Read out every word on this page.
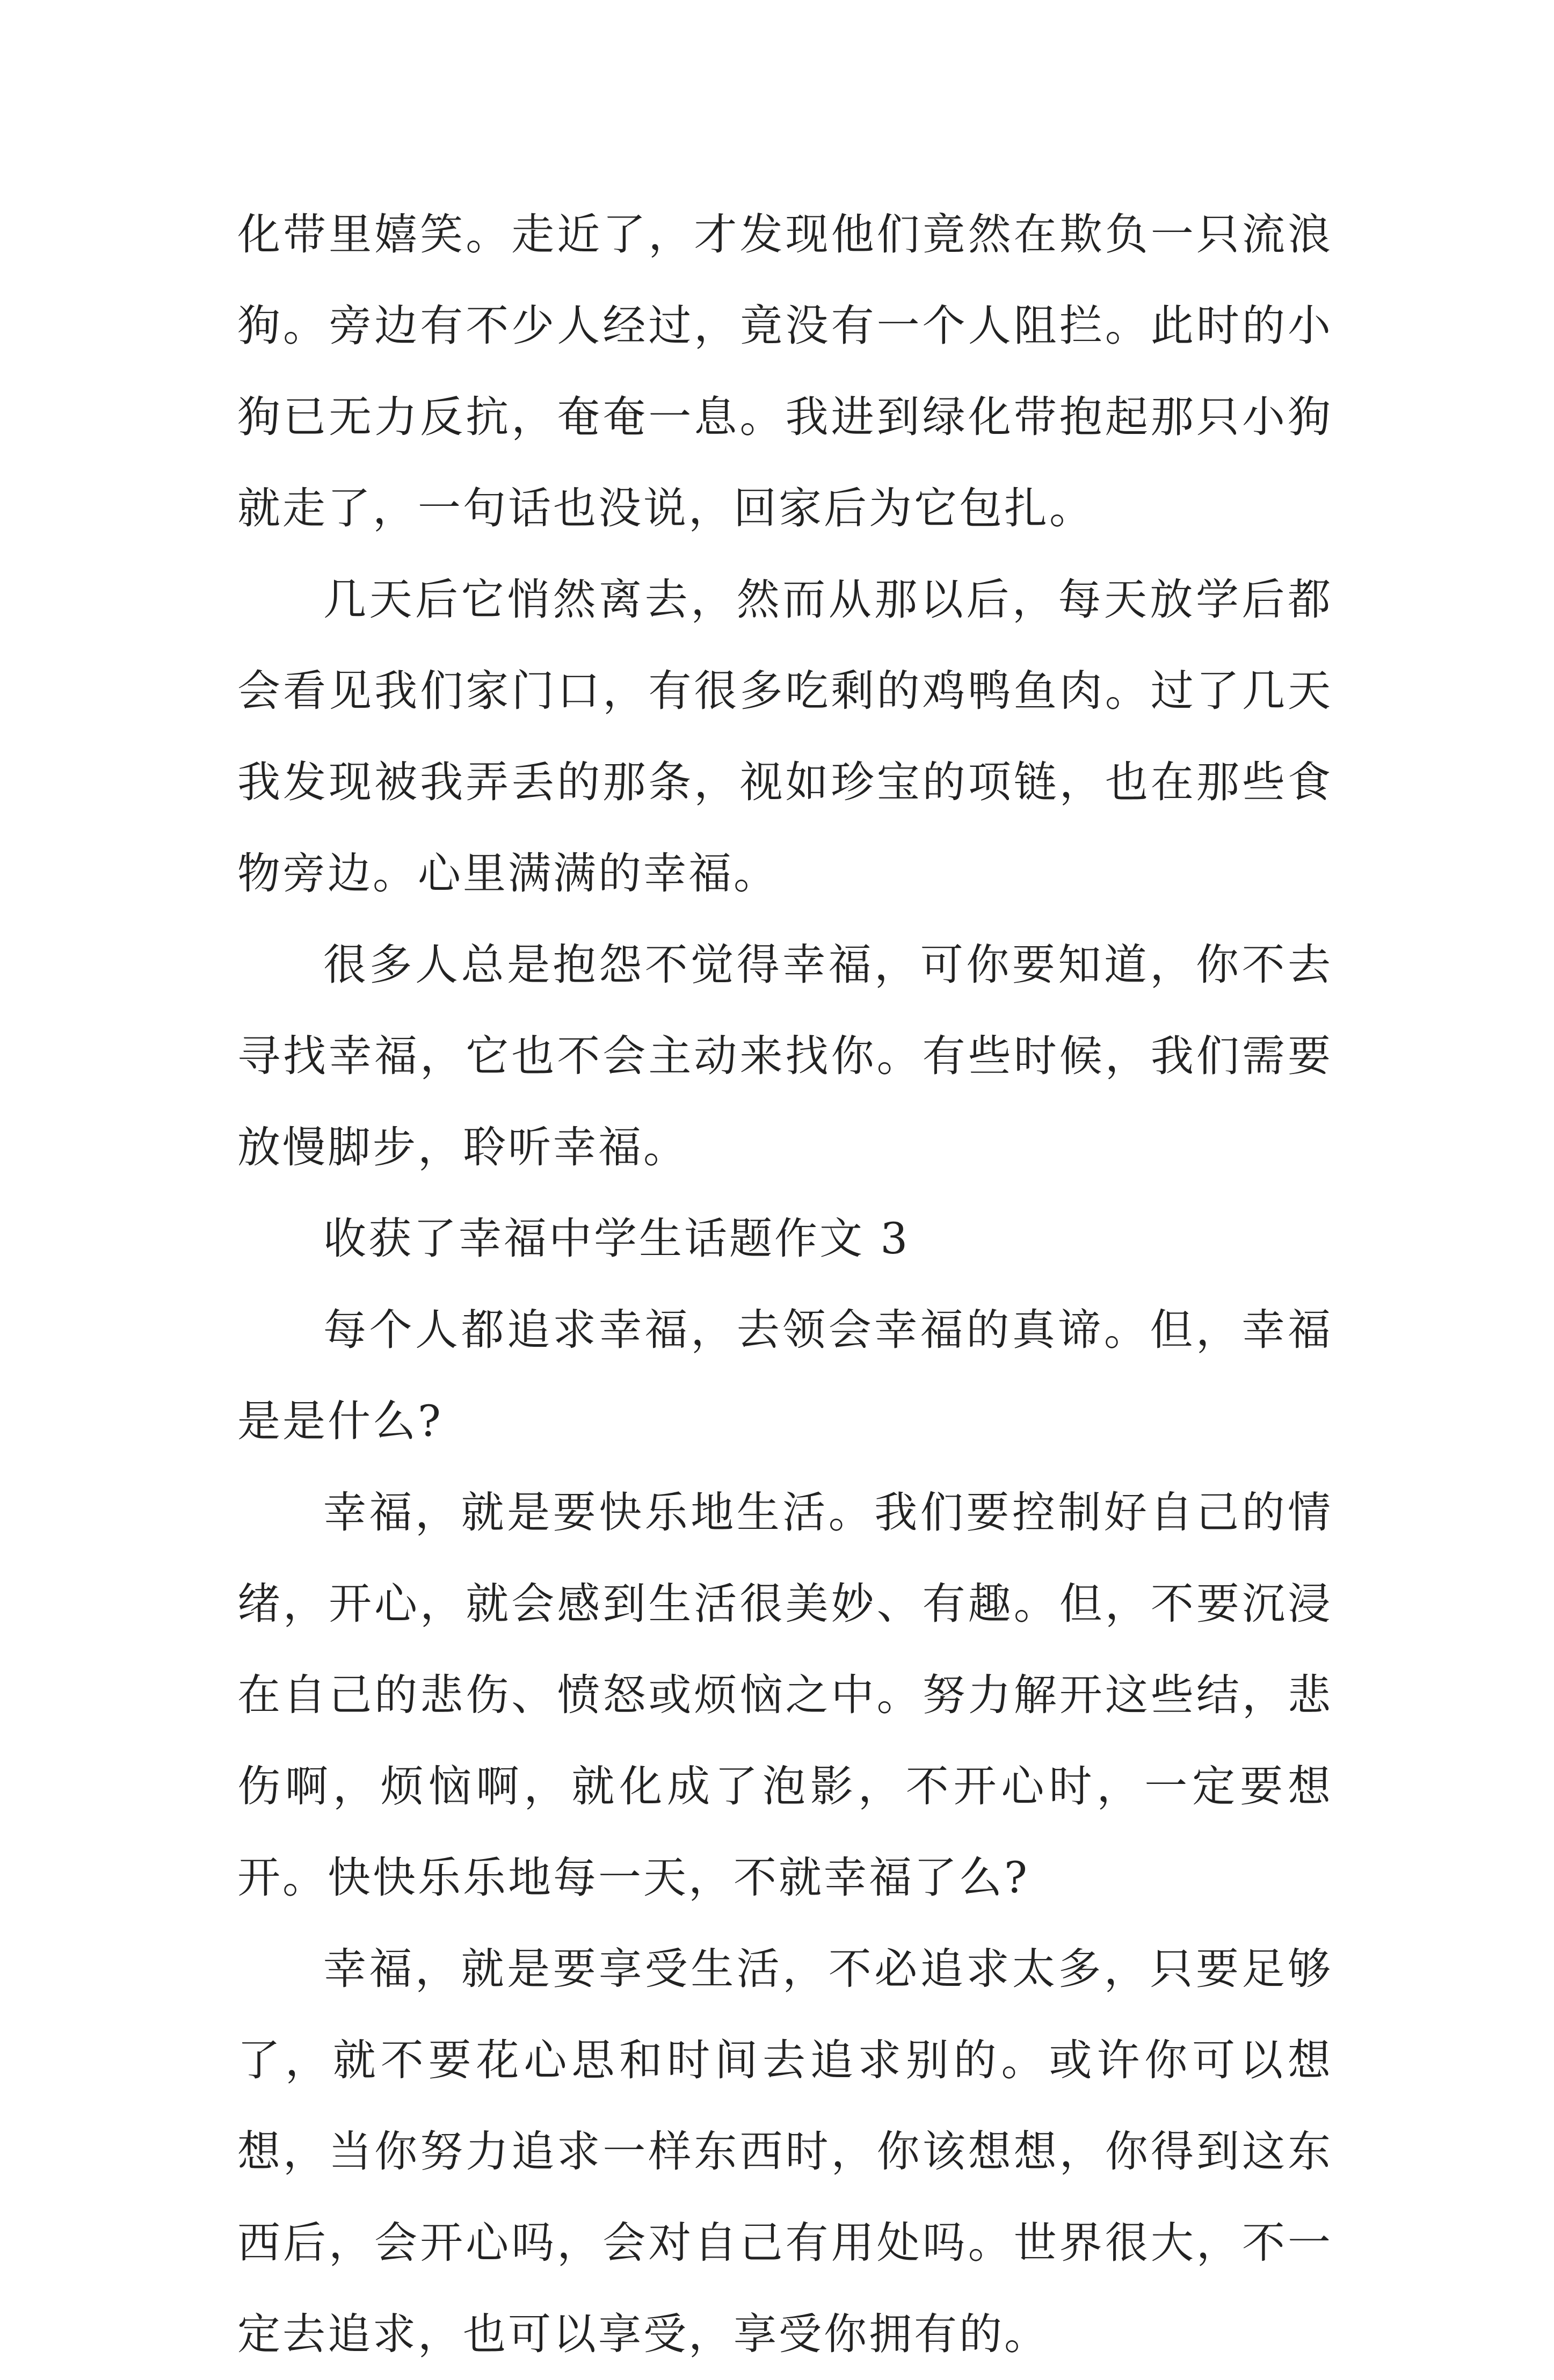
化带里嬉笑。走近了，才发现他们竟然在欺负一只流浪狗。旁边有不少人经过，竟没有一个人阻拦。此时的小狗已无力反抗，奄奄一息。我进到绿化带抱起那只小狗就走了，一句话也没说，回家后为它包扎。

几天后它悄然离去，然而从那以后，每天放学后都会看见我们家门口，有很多吃剩的鸡鸭鱼肉。过了几天我发现被我弄丢的那条，视如珍宝的项链，也在那些食物旁边。心里满满的幸福。

很多人总是抱怨不觉得幸福，可你要知道，你不去寻找幸福，它也不会主动来找你。有些时候，我们需要放慢脚步，聆听幸福。

收获了幸福中学生话题作文 3

每个人都追求幸福，去领会幸福的真谛。但，幸福是是什么?

幸福，就是要快乐地生活。我们要控制好自己的情绪，开心，就会感到生活很美妙、有趣。但，不要沉浸在自己的悲伤、愤怒或烦恼之中。努力解开这些结，悲伤啊，烦恼啊，就化成了泡影，不开心时，一定要想开。快快乐乐地每一天，不就幸福了么?

幸福，就是要享受生活，不必追求太多，只要足够了，就不要花心思和时间去追求别的。或许你可以想想，当你努力追求一样东西时，你该想想，你得到这东西后，会开心吗，会对自己有用处吗。世界很大，不一定去追求，也可以享受，享受你拥有的。
